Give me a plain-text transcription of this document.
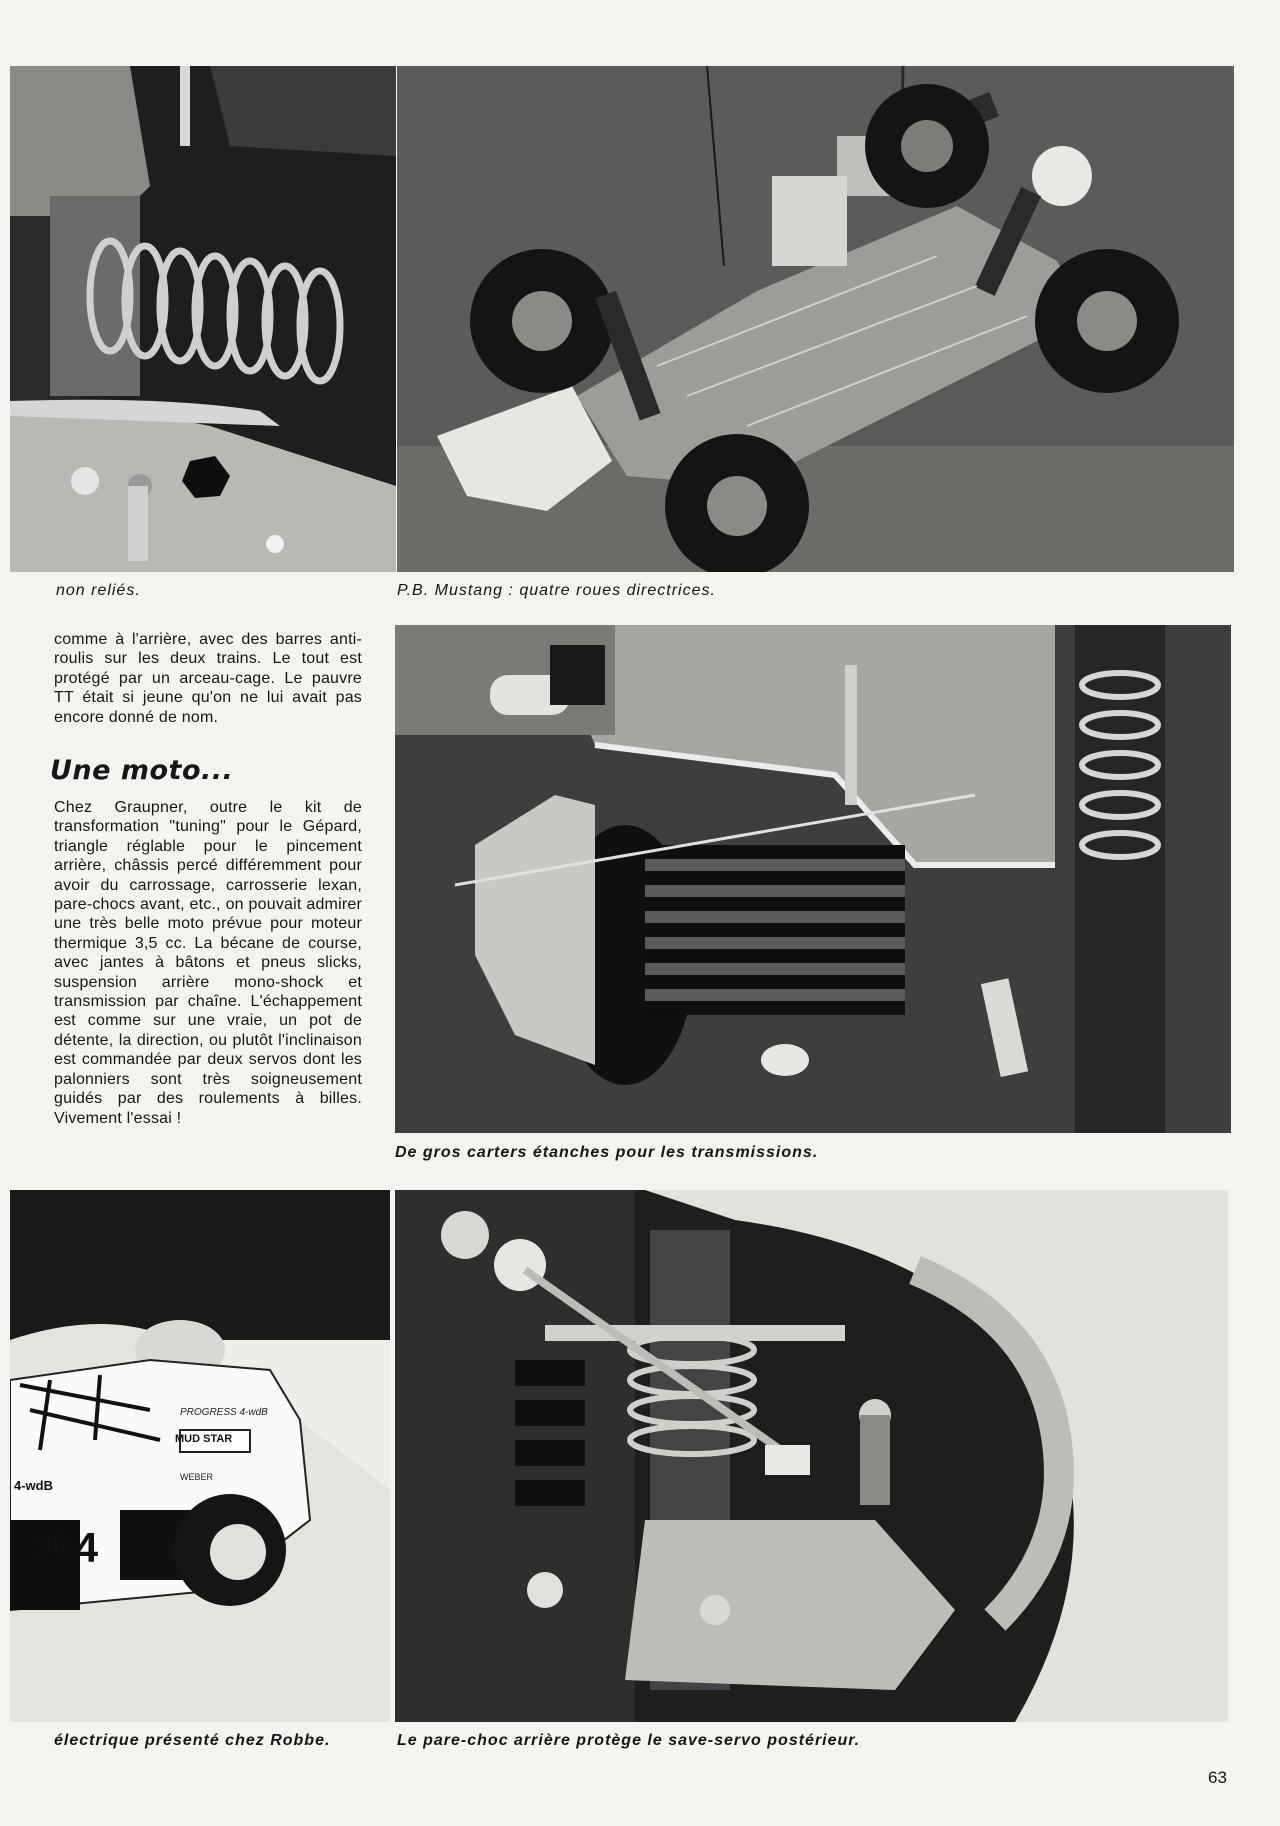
204
MUD STAR
PROGRESS 4-wdB
4-wdB
WEBER
non reliés.	P.B. Mustang : quatre roues directrices.
De gros carters étanches pour les transmissions.
électrique présenté chez Robbe.	Le pare-choc arrière protège le save-servo postérieur.
comme à l'arrière, avec des barres anti-roulis sur les deux trains. Le tout est protégé par un arceau-cage. Le pauvre TT était si jeune qu'on ne lui avait pas encore donné de nom.
Une moto...
Chez Graupner, outre le kit de transformation "tuning" pour le Gépard, triangle réglable pour le pincement arrière, châssis percé différemment pour avoir du carrossage, carrosserie lexan, pare-chocs avant, etc., on pouvait admirer une très belle moto prévue pour moteur thermique 3,5 cc. La bécane de course, avec jantes à bâtons et pneus slicks, suspension arrière mono-shock et transmission par chaîne. L'échappement est comme sur une vraie, un pot de détente, la direction, ou plutôt l'inclinaison est commandée par deux servos dont les palonniers sont très soigneusement guidés par des roulements à billes. Vivement l'essai !
63
